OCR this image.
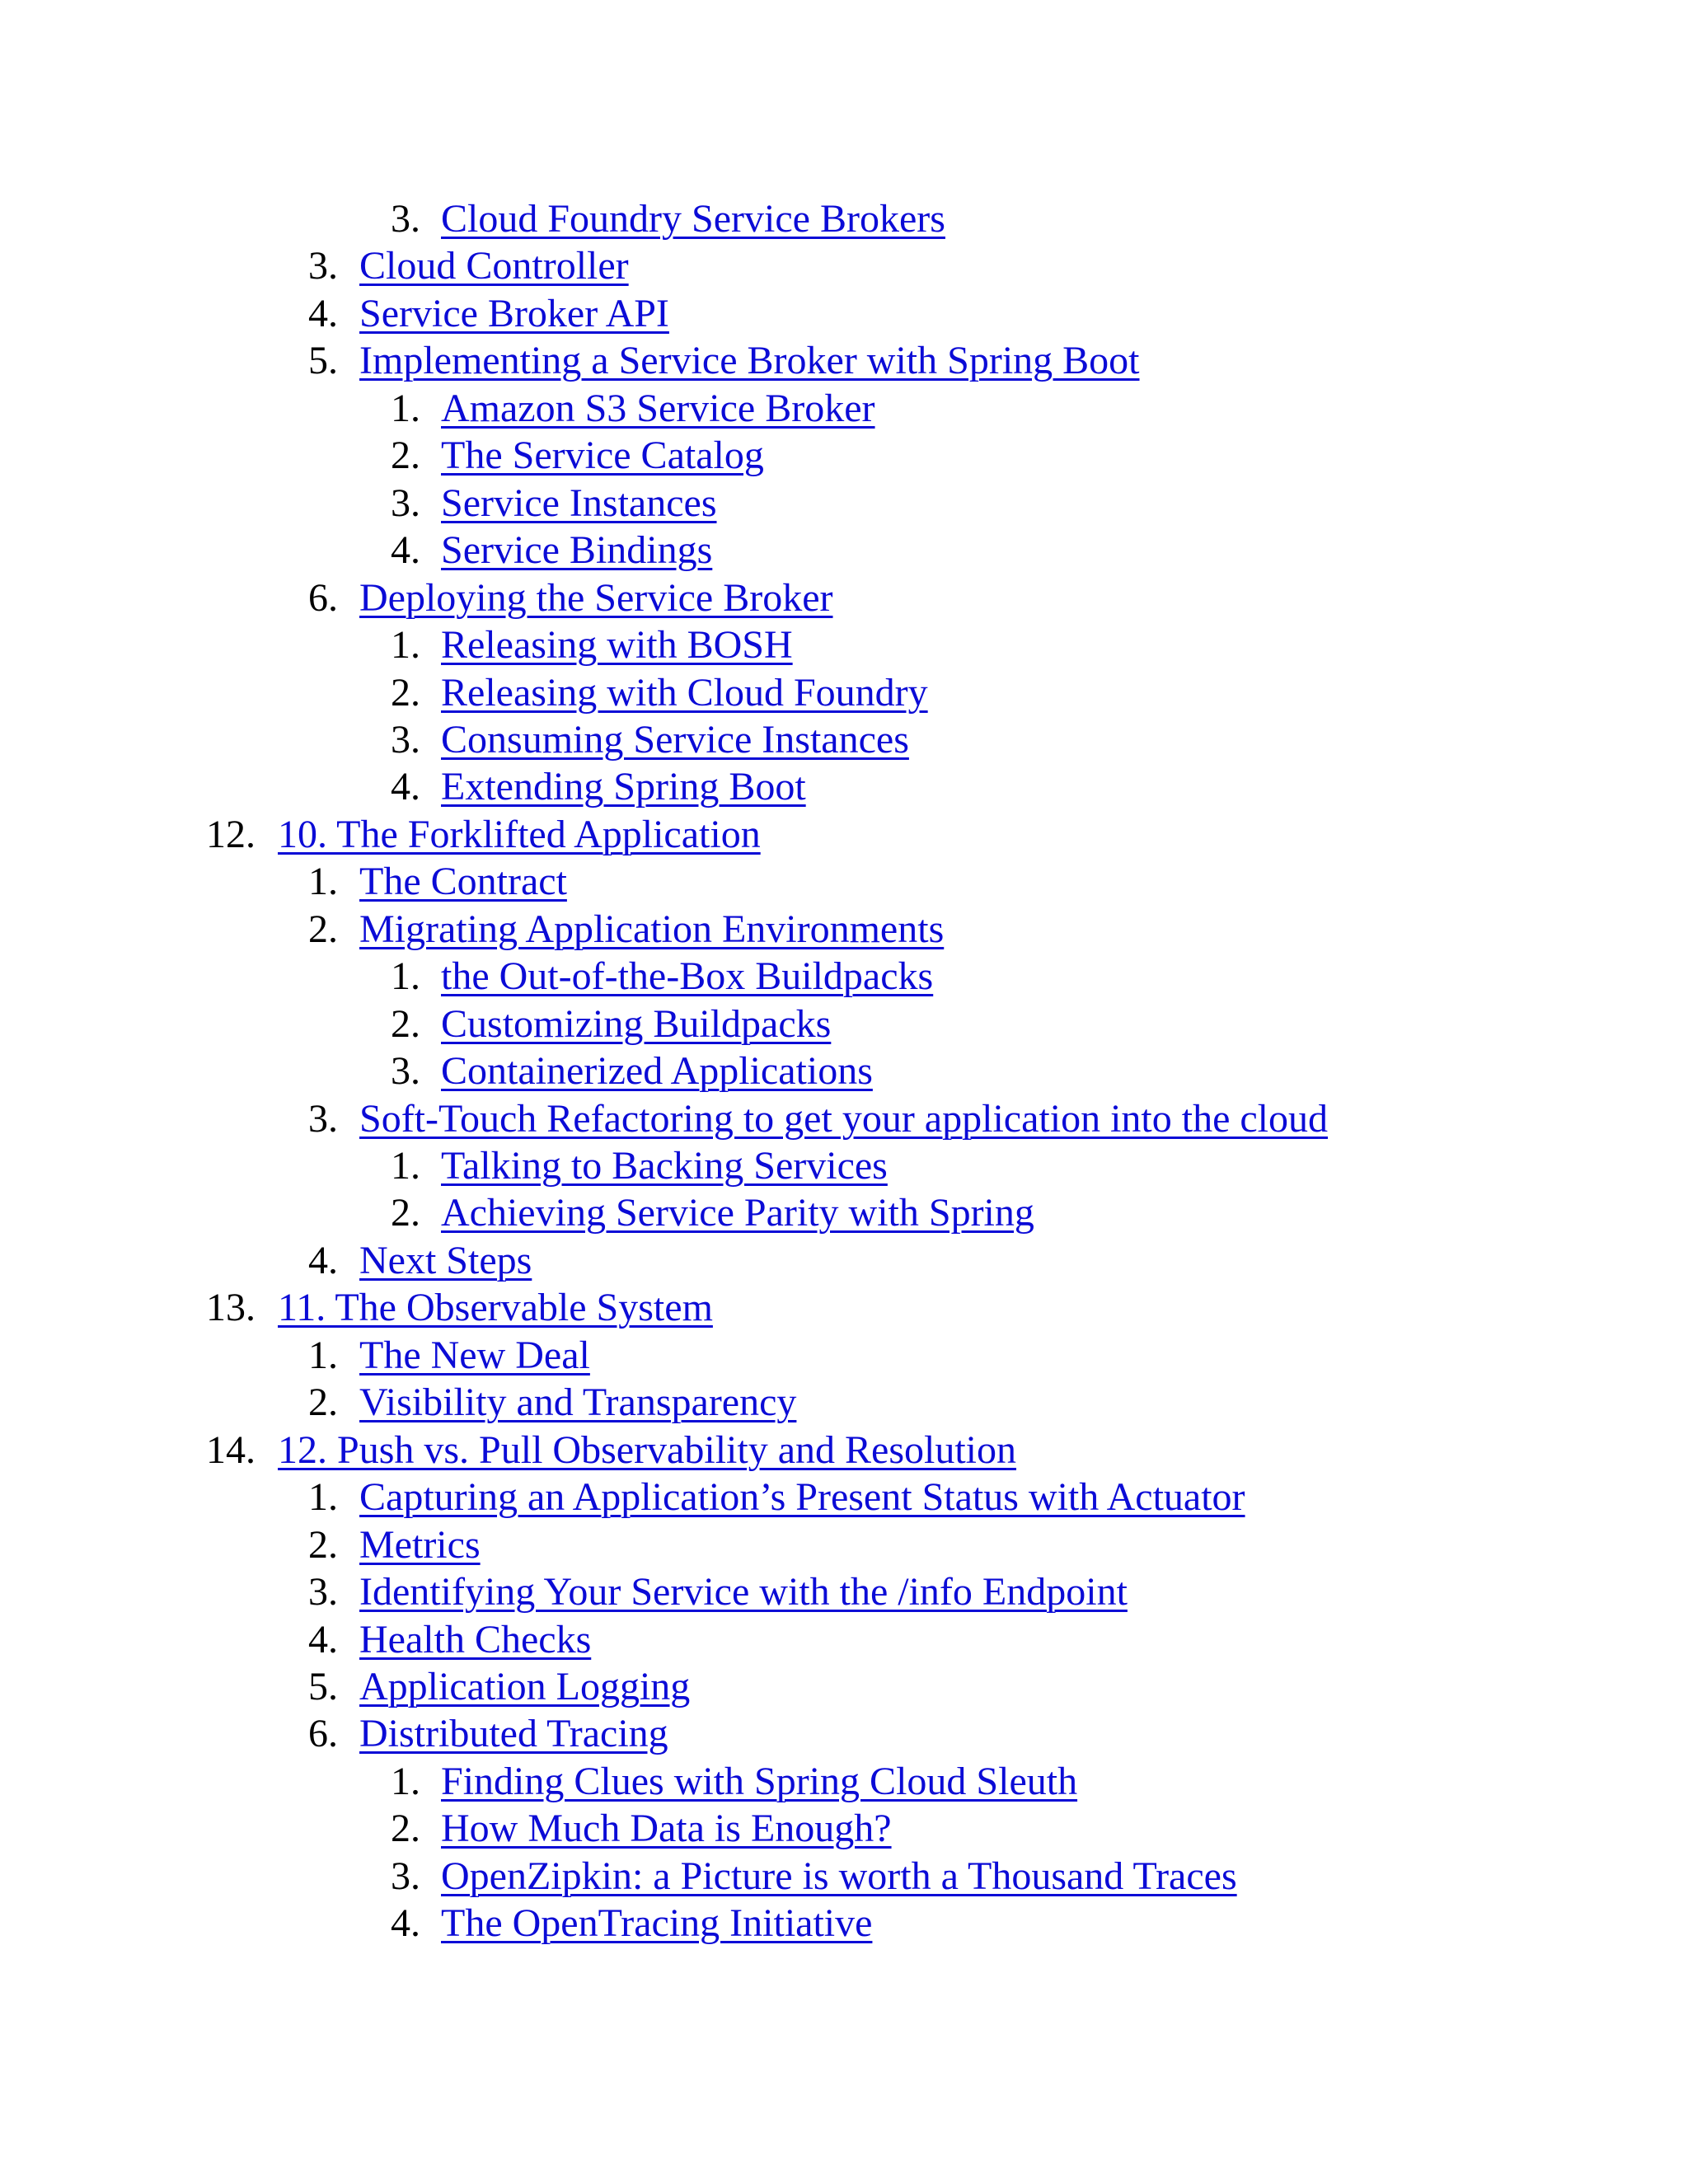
3. Cloud Foundry Service Brokers
3. Cloud Controller
4. Service Broker API
5. Implementing a Service Broker with Spring Boot
1. Amazon S3 Service Broker
2. The Service Catalog
3. Service Instances
4. Service Bindings
6. Deploying the Service Broker
1. Releasing with BOSH
2. Releasing with Cloud Foundry
3. Consuming Service Instances
4. Extending Spring Boot
12. 10. The Forklifted Application
1. The Contract
2. Migrating Application Environments
1. the Out-of-the-Box Buildpacks
2. Customizing Buildpacks
3. Containerized Applications
3. Soft-Touch Refactoring to get your application into the cloud
1. Talking to Backing Services
2. Achieving Service Parity with Spring
4. Next Steps
13. 11. The Observable System
1. The New Deal
2. Visibility and Transparency
14. 12. Push vs. Pull Observability and Resolution
1. Capturing an Application’s Present Status with Actuator
2. Metrics
3. Identifying Your Service with the /info Endpoint
4. Health Checks
5. Application Logging
6. Distributed Tracing
1. Finding Clues with Spring Cloud Sleuth
2. How Much Data is Enough?
3. OpenZipkin: a Picture is worth a Thousand Traces
4. The OpenTracing Initiative
